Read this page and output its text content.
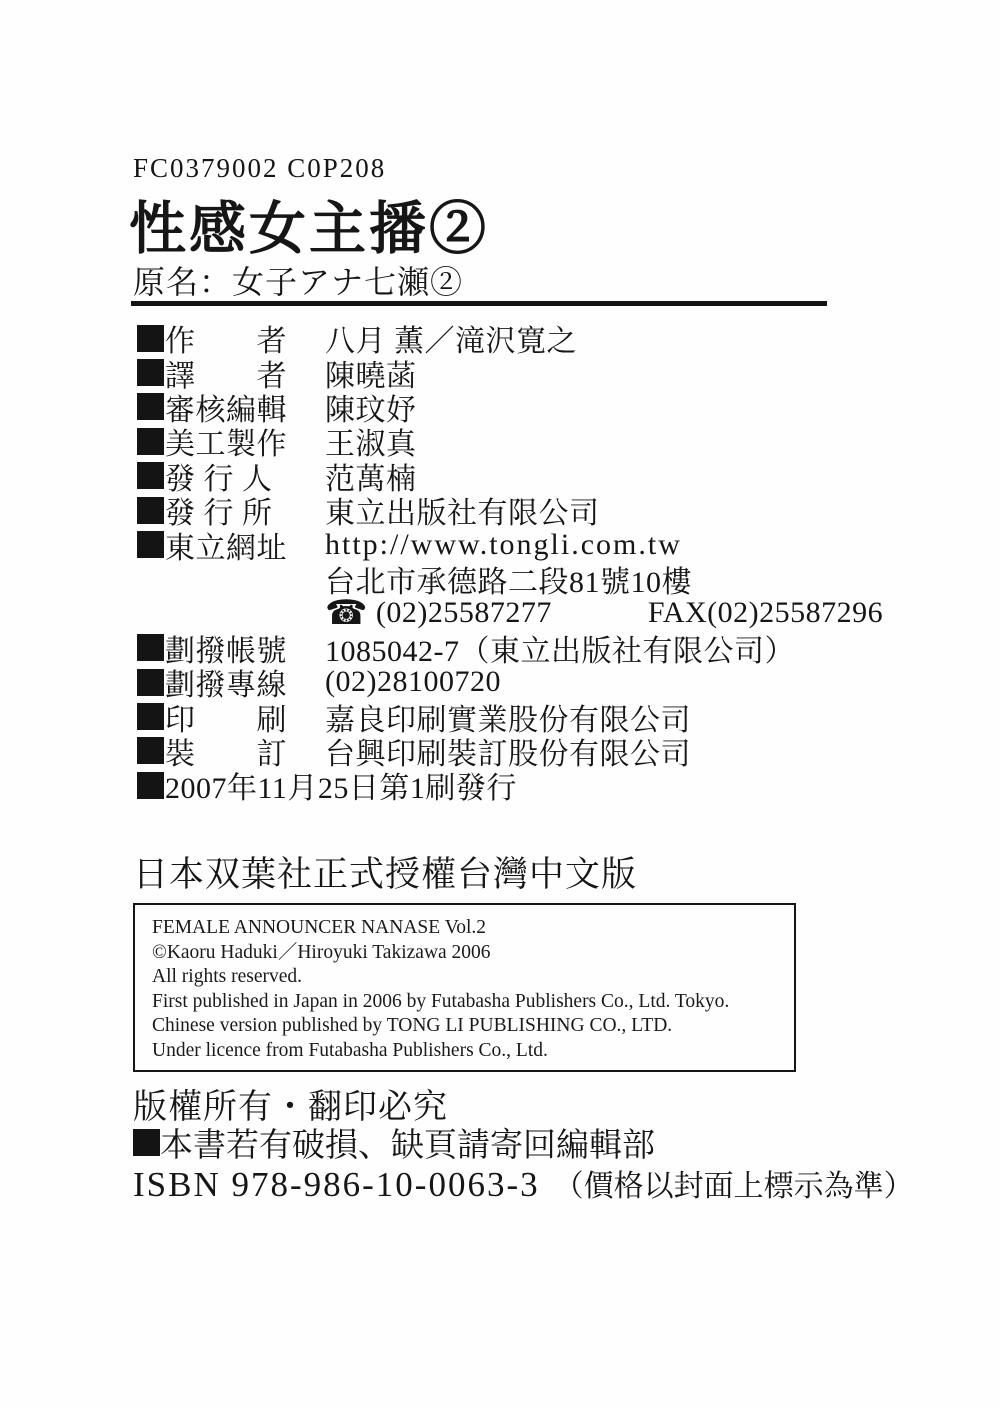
FC0379002 C0P208
性感女主播②
原名：女子アナ七瀬②
作　　者	八月 薫／滝沢寛之
譯　　者	陳曉菡
審核編輯	陳玟妤
美工製作	王淑真
發 行 人	范萬楠
發 行 所	東立出版社有限公司
東立網址	http://www.tongli.com.tw
台北市承德路二段81號10樓
☎ (02)25587277	FAX(02)25587296
劃撥帳號	1085042-7（東立出版社有限公司）
劃撥專線	(02)28100720
印　　刷	嘉良印刷實業股份有限公司
裝　　訂	台興印刷裝訂股份有限公司
2007年11月25日第1刷發行
日本双葉社正式授權台灣中文版
FEMALE ANNOUNCER NANASE Vol.2
©Kaoru Haduki／Hiroyuki Takizawa 2006
All rights reserved.
First published in Japan in 2006 by Futabasha Publishers Co., Ltd. Tokyo.
Chinese version published by TONG LI PUBLISHING CO., LTD.
Under licence from Futabasha Publishers Co., Ltd.
版權所有・翻印必究
本書若有破損、缺頁請寄回編輯部
ISBN 978-986-10-0063-3 （價格以封面上標示為準）
